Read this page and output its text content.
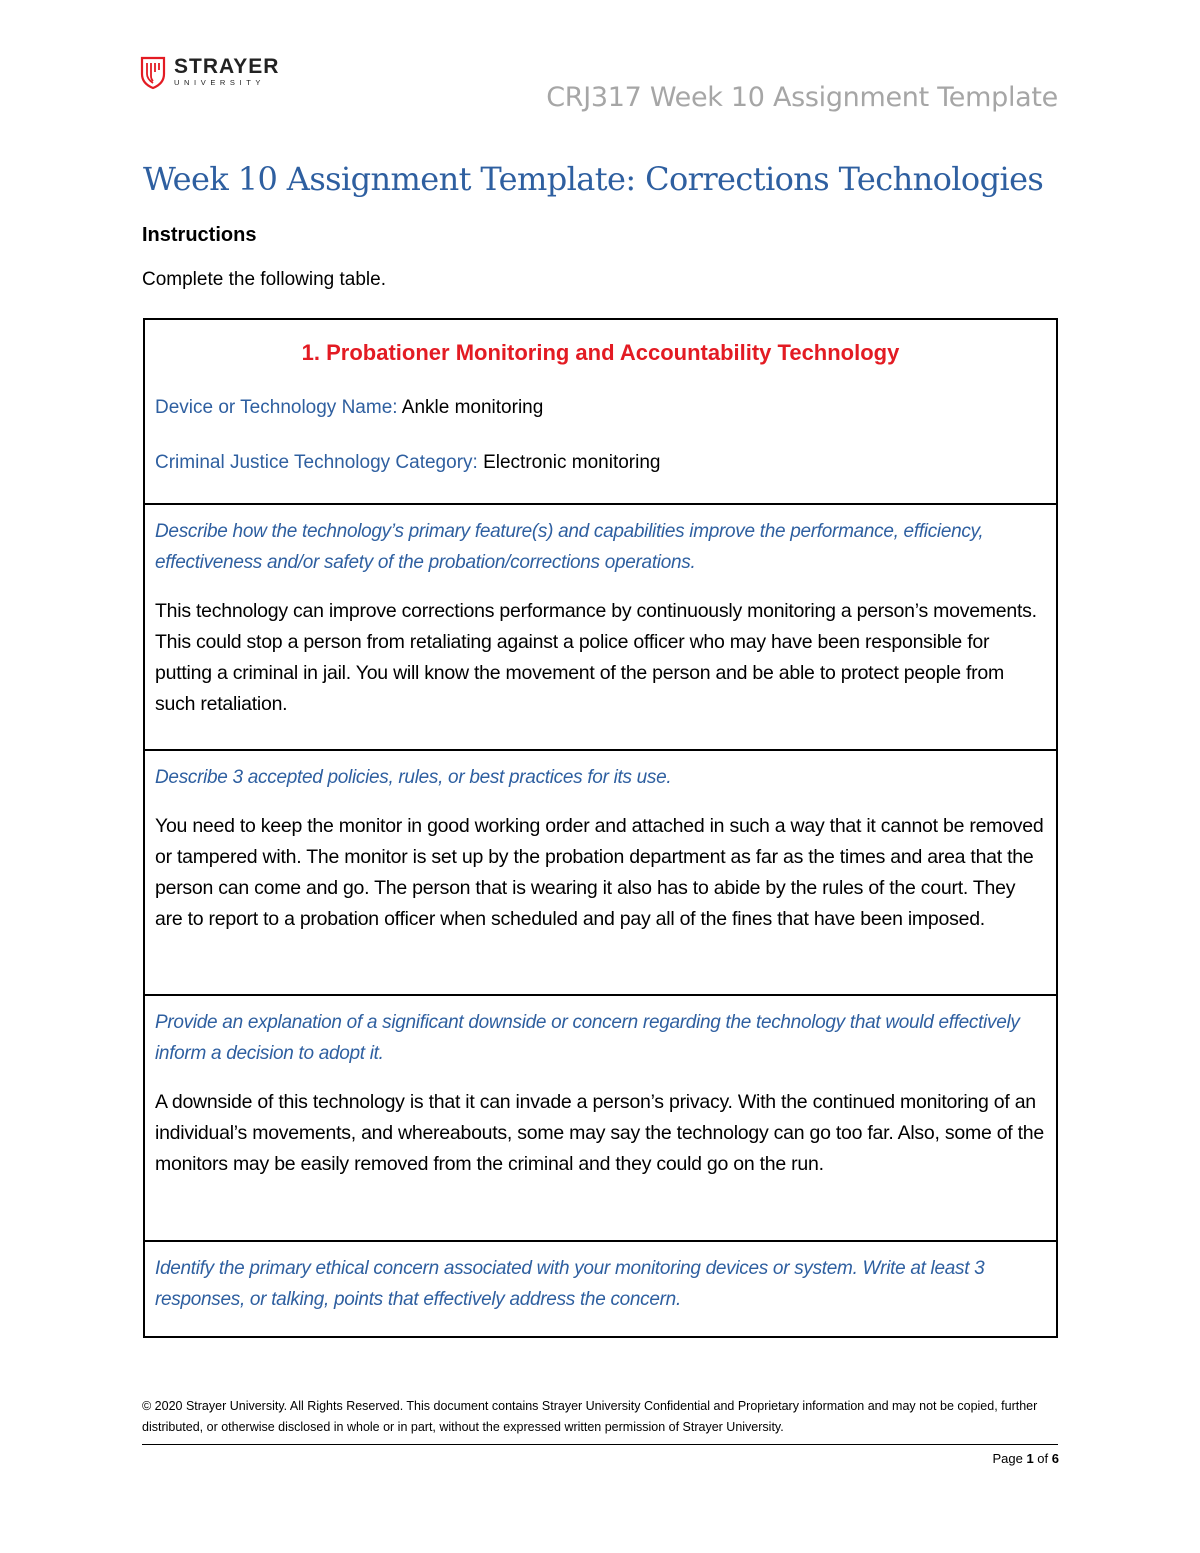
STRAYER
UNIVERSITY	CRJ317 Week 10 Assignment Template
Week 10 Assignment Template: Corrections Technologies
Instructions
Complete the following table.
1. Probationer Monitoring and Accountability Technology
Device or Technology Name: Ankle monitoring
Criminal Justice Technology Category: Electronic monitoring
Describe how the technology’s primary feature(s) and capabilities improve the performance, efficiency, effectiveness and/or safety of the probation/corrections operations.
This technology can improve corrections performance by continuously monitoring a person’s movements. This could stop a person from retaliating against a police officer who may have been responsible for putting a criminal in jail. You will know the movement of the person and be able to protect people from such retaliation.
Describe 3 accepted policies, rules, or best practices for its use.
You need to keep the monitor in good working order and attached in such a way that it cannot be removed or tampered with. The monitor is set up by the probation department as far as the times and area that the person can come and go. The person that is wearing it also has to abide by the rules of the court. They are to report to a probation officer when scheduled and pay all of the fines that have been imposed.
Provide an explanation of a significant downside or concern regarding the technology that would effectively inform a decision to adopt it.
A downside of this technology is that it can invade a person’s privacy. With the continued monitoring of an individual’s movements, and whereabouts, some may say the technology can go too far. Also, some of the monitors may be easily removed from the criminal and they could go on the run.
Identify the primary ethical concern associated with your monitoring devices or system. Write at least 3 responses, or talking, points that effectively address the concern.
© 2020 Strayer University. All Rights Reserved. This document contains Strayer University Confidential and Proprietary information and may not be copied, further distributed, or otherwise disclosed in whole or in part, without the expressed written permission of Strayer University.
Page 1 of 6
